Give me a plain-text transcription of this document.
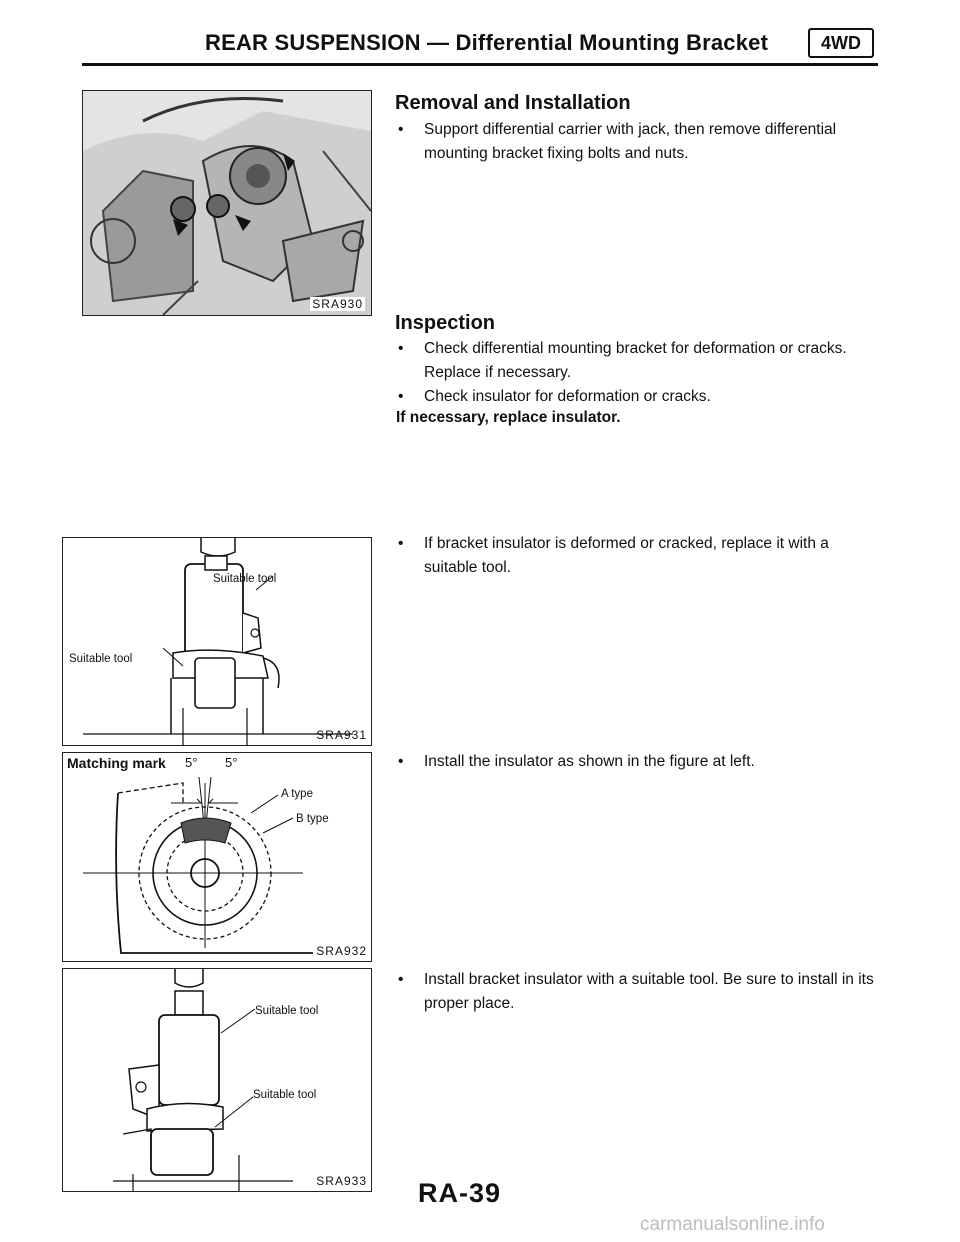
REAR SUSPENSION — Differential Mounting Bracket	4WD
SRA930
Suitable tool
Suitable tool
SRA931
Matching mark 5° 5°
A type
B type
SRA932
Suitable tool
Suitable tool
SRA933
Removal and Installation
• Support differential carrier with jack, then remove differential mounting bracket fixing bolts and nuts.
Inspection
• Check differential mounting bracket for deformation or cracks. Replace if necessary.
• Check insulator for deformation or cracks.
If necessary, replace insulator.
• If bracket insulator is deformed or cracked, replace it with a suitable tool.
• Install the insulator as shown in the figure at left.
• Install bracket insulator with a suitable tool. Be sure to install in its proper place.
RA-39
carmanualsonline.info
